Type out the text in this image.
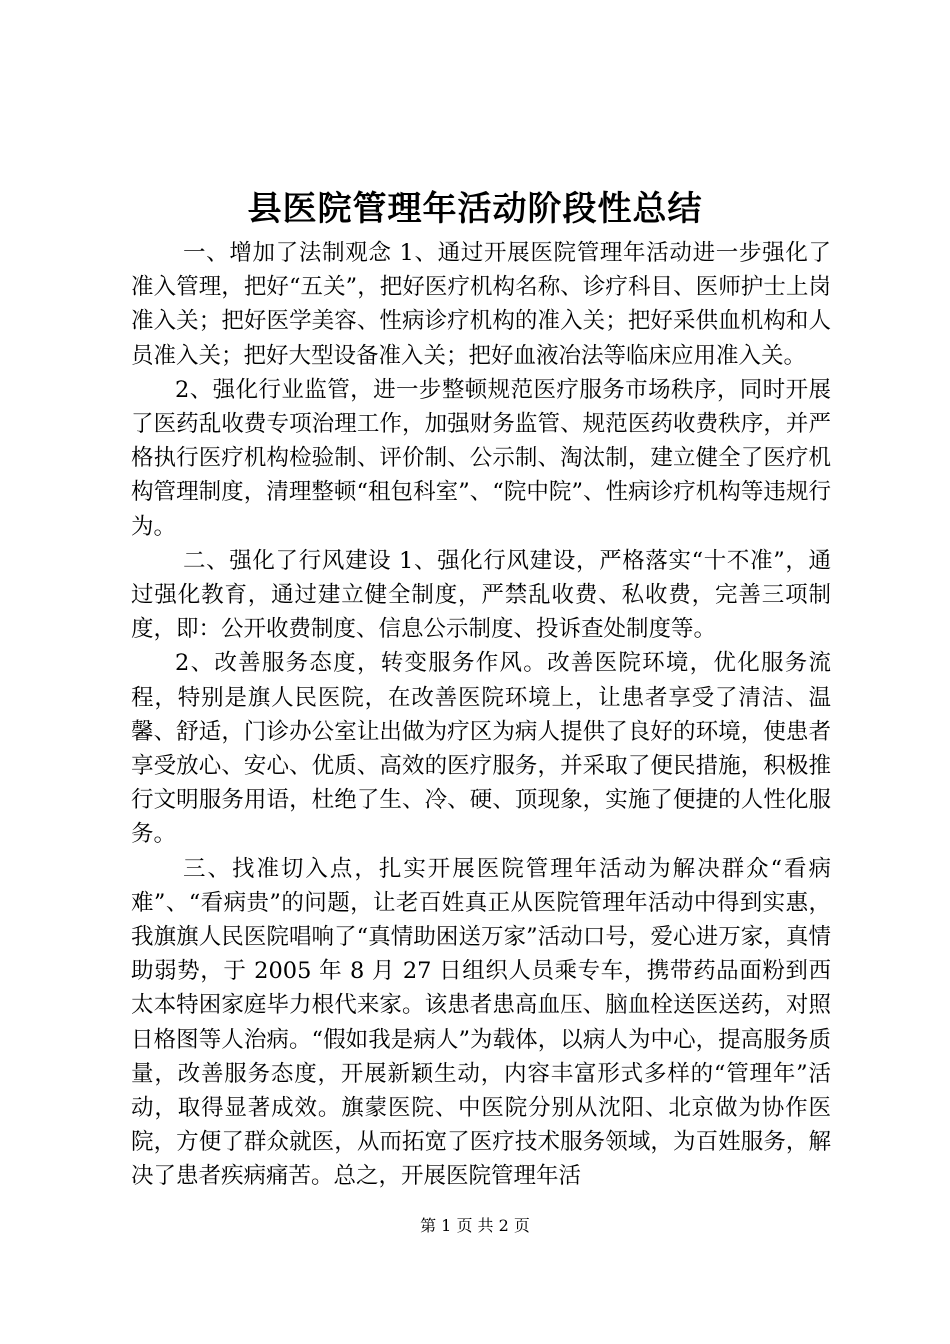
县医院管理年活动阶段性总结

一、增加了法制观念 1、通过开展医院管理年活动进一步强化了准入管理，把好“五关”，把好医疗机构名称、诊疗科目、医师护士上岗准入关；把好医学美容、性病诊疗机构的准入关；把好采供血机构和人员准入关；把好大型设备准入关；把好血液冶法等临床应用准入关。

2、强化行业监管，进一步整顿规范医疗服务市场秩序，同时开展了医药乱收费专项治理工作，加强财务监管、规范医药收费秩序，并严格执行医疗机构检验制、评价制、公示制、淘汰制，建立健全了医疗机构管理制度，清理整顿“租包科室”、“院中院”、性病诊疗机构等违规行为。

二、强化了行风建设 1、强化行风建设，严格落实“十不准”，通过强化教育，通过建立健全制度，严禁乱收费、私收费，完善三项制度，即：公开收费制度、信息公示制度、投诉查处制度等。

2、改善服务态度，转变服务作风。改善医院环境，优化服务流程，特别是旗人民医院，在改善医院环境上，让患者享受了清洁、温馨、舒适，门诊办公室让出做为疗区为病人提供了良好的环境，使患者享受放心、安心、优质、高效的医疗服务，并采取了便民措施，积极推行文明服务用语，杜绝了生、冷、硬、顶现象，实施了便捷的人性化服务。

三、找准切入点，扎实开展医院管理年活动为解决群众“看病难”、“看病贵”的问题，让老百姓真正从医院管理年活动中得到实惠，我旗旗人民医院唱响了“真情助困送万家”活动口号，爱心进万家，真情助弱势，于 2005 年 8 月 27 日组织人员乘专车，携带药品面粉到西太本特困家庭毕力根代来家。该患者患高血压、脑血栓送医送药，对照日格图等人治病。“假如我是病人”为载体，以病人为中心，提高服务质量，改善服务态度，开展新颖生动，内容丰富形式多样的“管理年”活动，取得显著成效。旗蒙医院、中医院分别从沈阳、北京做为协作医院，方便了群众就医，从而拓宽了医疗技术服务领域，为百姓服务，解决了患者疾病痛苦。总之，开展医院管理年活

第 1 页 共 2 页
